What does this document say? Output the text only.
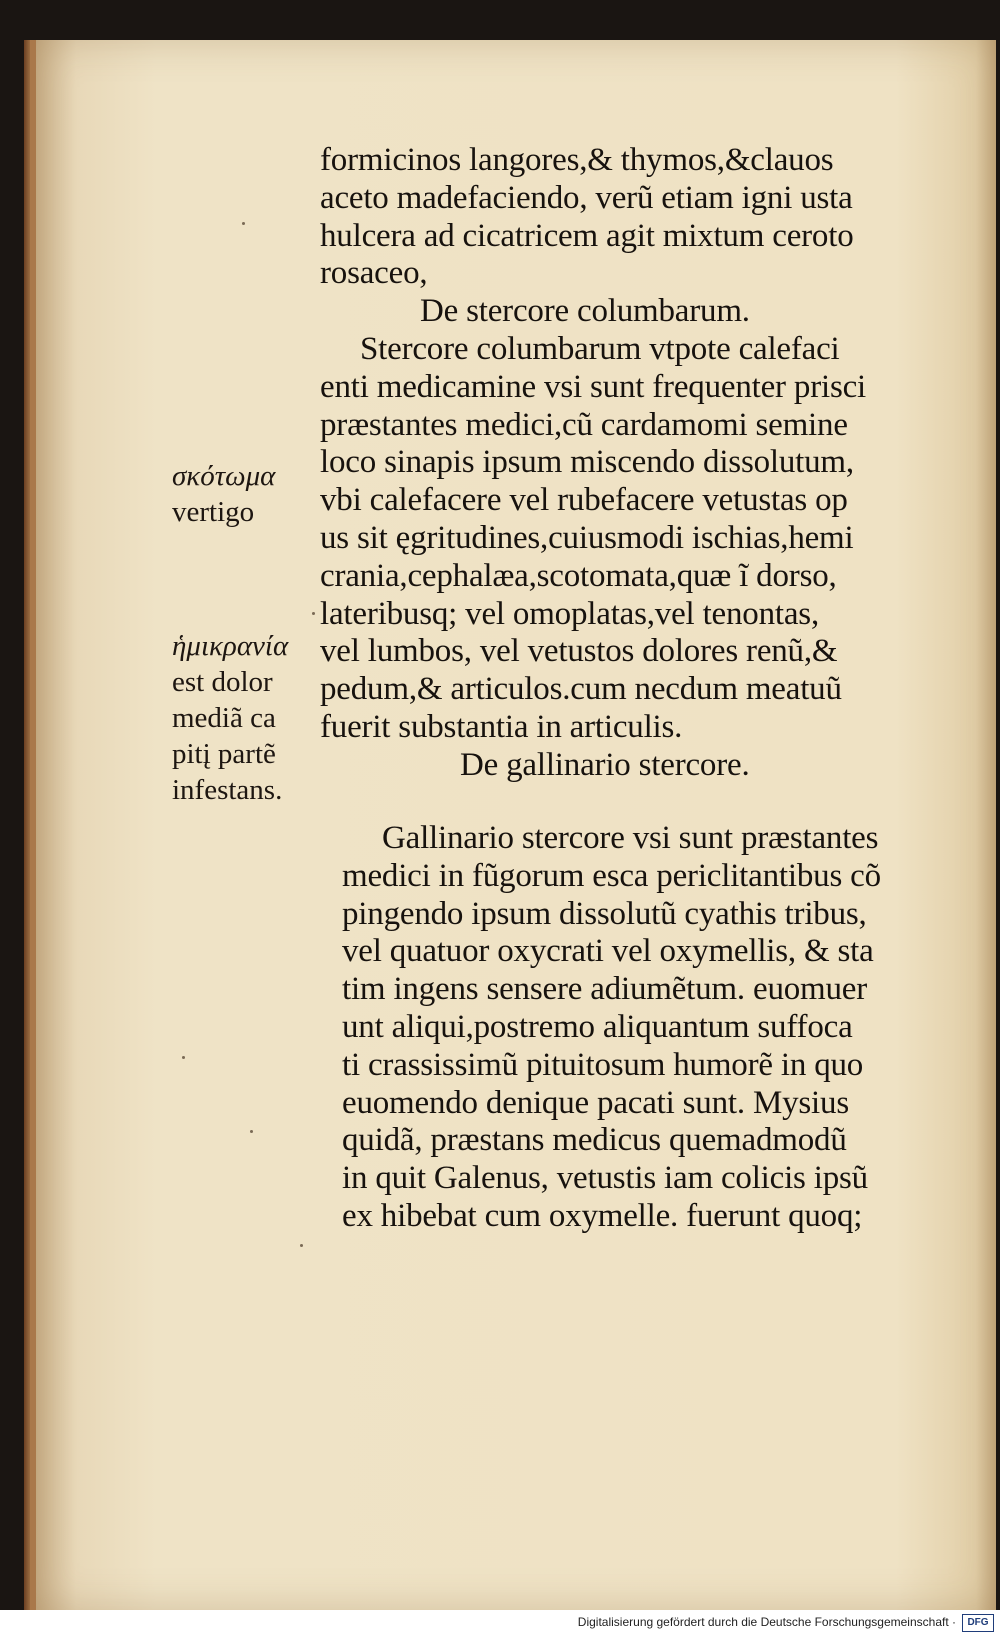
formicinos langores,& thymos,&clauos
aceto madefaciendo, verũ etiam igni usta
hulcera ad cicatricem agit mixtum ceroto
rosaceo,
De stercore columbarum.
Stercore columbarum vtpote calefaci
enti medicamine vsi sunt frequenter prisci
præstantes medici,cũ cardamomi semine
loco sinapis ipsum miscendo dissolutum,
vbi calefacere vel rubefacere vetustas op
us sit ęgritudines,cuiusmodi ischias,hemi
crania,cephalæa,scotomata,quæ ĩ dorso,
lateribusq; vel omoplatas,vel tenontas,
vel lumbos, vel vetustos dolores renũ,&
pedum,& articulos.cum necdum meatuũ
fuerit substantia in articulis.
De gallinario stercore.
Gallinario stercore vsi sunt præstantes
medici in fũgorum esca periclitantibus cõ
pingendo ipsum dissolutũ cyathis tribus,
vel quatuor oxycrati vel oxymellis, & sta
tim ingens sensere adiumẽtum. euomuer
unt aliqui,postremo aliquantum suffoca
ti crassissimũ pituitosum humorẽ in quo
euomendo denique pacati sunt. Mysius
quidã, præstans medicus quemadmodũ
in quit Galenus, vetustis iam colicis ipsũ
ex hibebat cum oxymelle. fuerunt quoq;
σκότωμα
vertigo
ἡμικρανία
est dolor
mediã ca
pitį partẽ
infestans.
Digitalisierung gefördert durch die Deutsche Forschungsgemeinschaft ·	DFG
